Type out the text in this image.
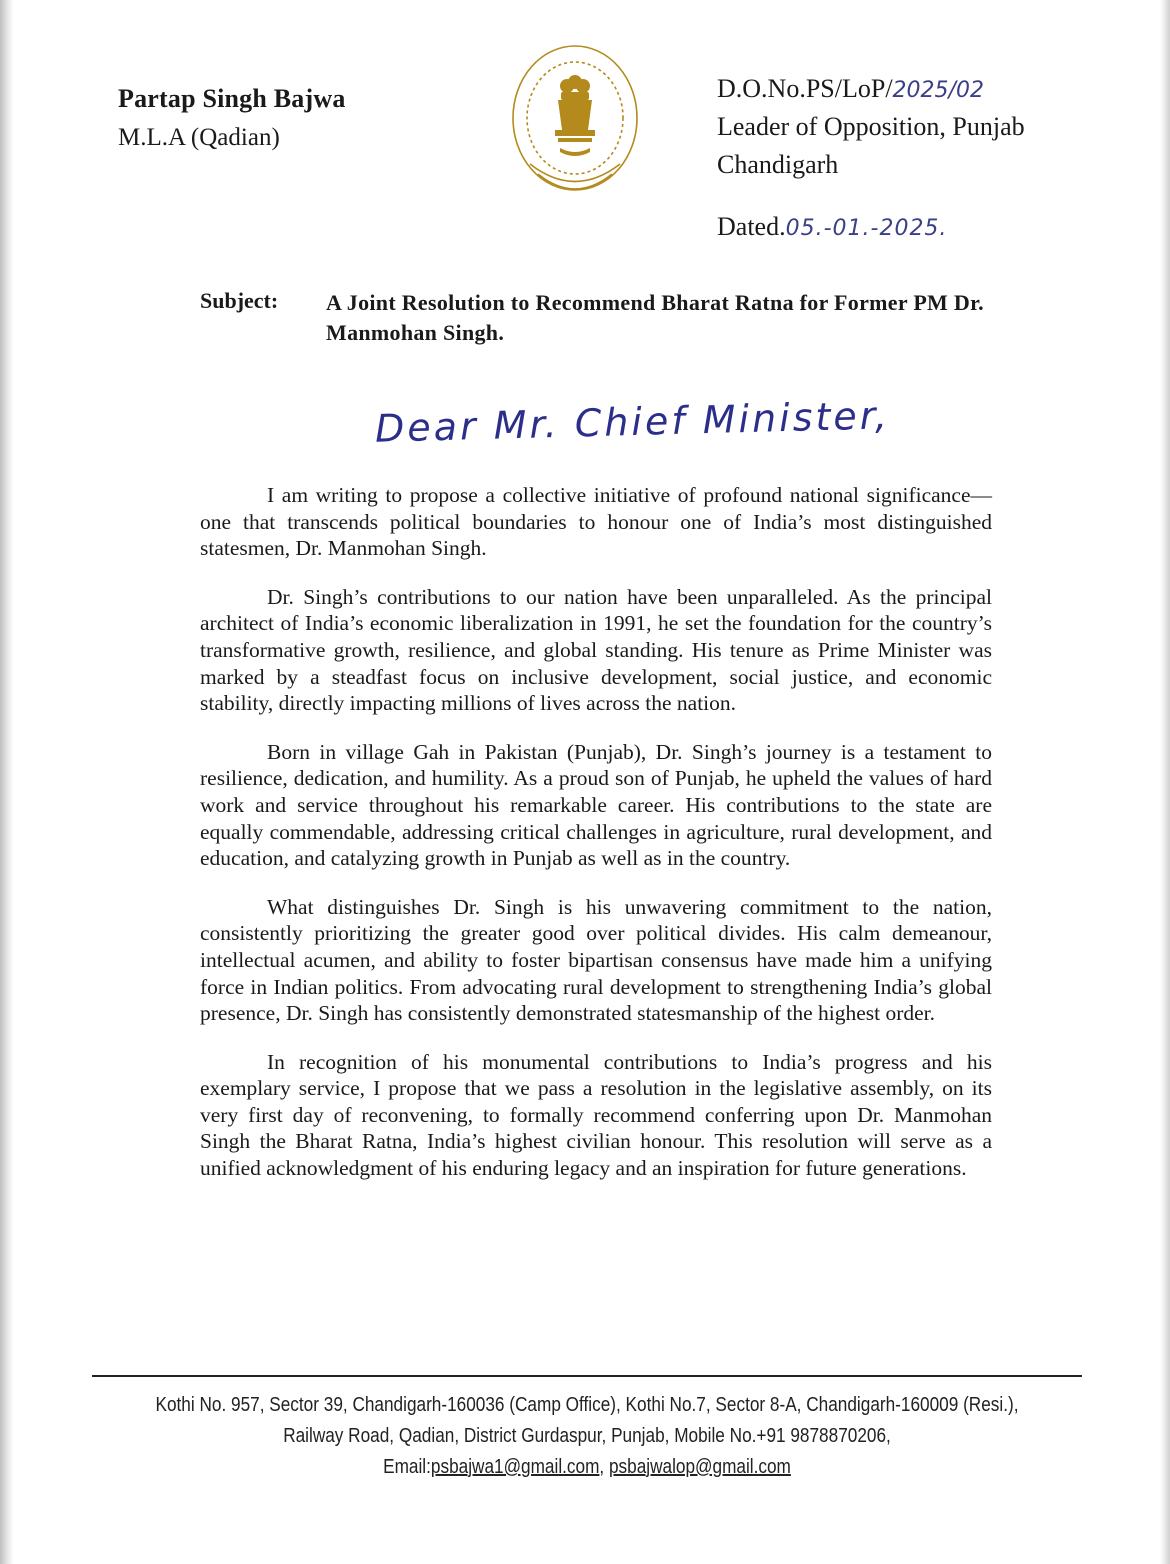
Partap Singh Bajwa
M.L.A (Qadian)
D.O.No.PS/LoP/2025/02
Leader of Opposition, Punjab
Chandigarh
Dated.05.-01.-2025.
Subject: A Joint Resolution to Recommend Bharat Ratna for Former PM Dr. Manmohan Singh.
Dear Mr. Chief Minister,

I am writing to propose a collective initiative of profound national significance—one that transcends political boundaries to honour one of India’s most distinguished statesmen, Dr. Manmohan Singh.

Dr. Singh’s contributions to our nation have been unparalleled. As the principal architect of India’s economic liberalization in 1991, he set the foundation for the country’s transformative growth, resilience, and global standing. His tenure as Prime Minister was marked by a steadfast focus on inclusive development, social justice, and economic stability, directly impacting millions of lives across the nation.

Born in village Gah in Pakistan (Punjab), Dr. Singh’s journey is a testament to resilience, dedication, and humility. As a proud son of Punjab, he upheld the values of hard work and service throughout his remarkable career. His contributions to the state are equally commendable, addressing critical challenges in agriculture, rural development, and education, and catalyzing growth in Punjab as well as in the country.

What distinguishes Dr. Singh is his unwavering commitment to the nation, consistently prioritizing the greater good over political divides. His calm demeanour, intellectual acumen, and ability to foster bipartisan consensus have made him a unifying force in Indian politics. From advocating rural development to strengthening India’s global presence, Dr. Singh has consistently demonstrated statesmanship of the highest order.

In recognition of his monumental contributions to India’s progress and his exemplary service, I propose that we pass a resolution in the legislative assembly, on its very first day of reconvening, to formally recommend conferring upon Dr. Manmohan Singh the Bharat Ratna, India’s highest civilian honour. This resolution will serve as a unified acknowledgment of his enduring legacy and an inspiration for future generations.

Kothi No. 957, Sector 39, Chandigarh-160036 (Camp Office), Kothi No.7, Sector 8-A, Chandigarh-160009 (Resi.),
Railway Road, Qadian, District Gurdaspur, Punjab, Mobile No.+91 9878870206,
Email:psbajwa1@gmail.com, psbajwalop@gmail.com
